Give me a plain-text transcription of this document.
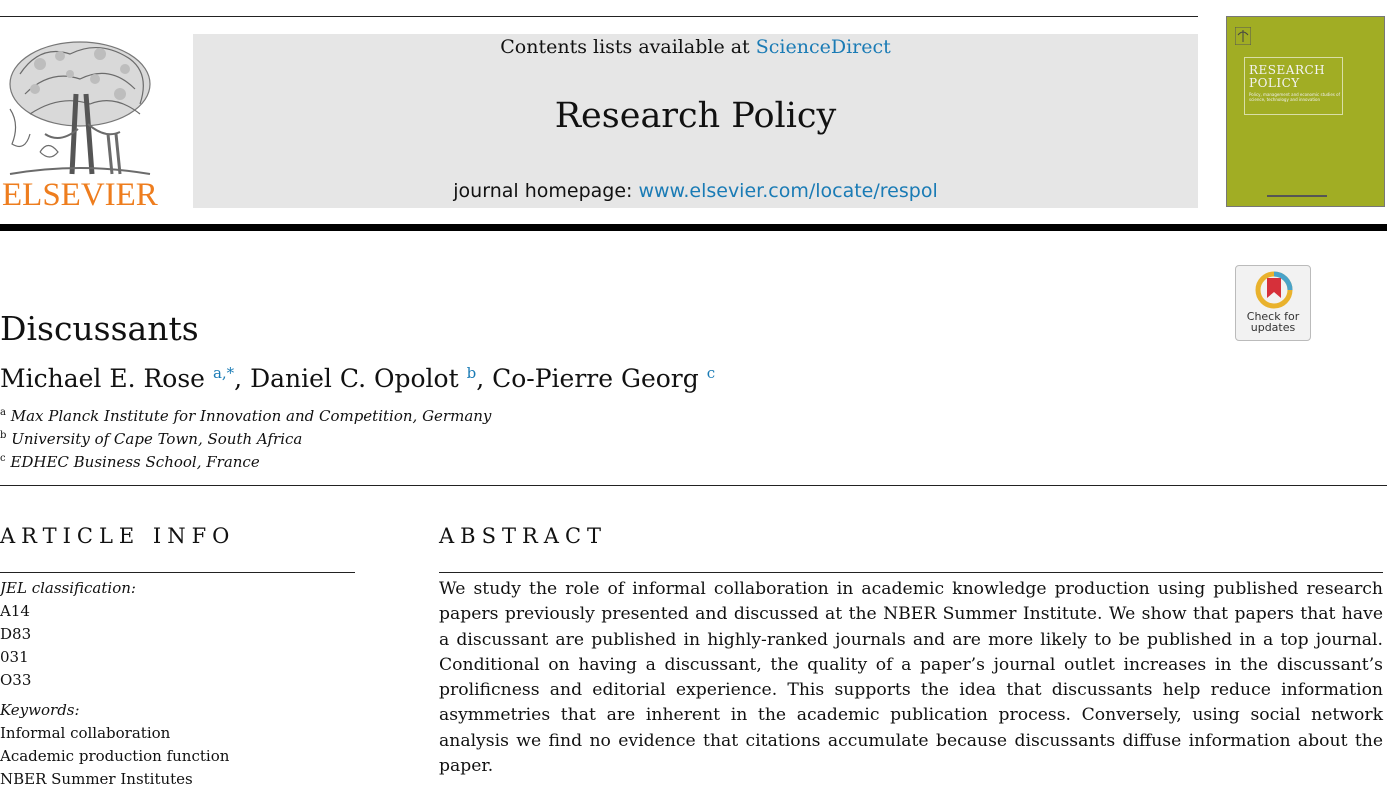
ELSEVIER
Contents lists available at ScienceDirect
Research Policy
journal homepage: www.elsevier.com/locate/respol
RESEARCH
POLICY
Policy, management and economic studies of science, technology and innovation
Discussants	Check for
updates
Michael E. Rose $^{a,*}$, Daniel C. Opolot $^b$, Co-Pierre Georg $^c$
$^a$ Max Planck Institute for Innovation and Competition, Germany
$^b$ University of Cape Town, South Africa
$^c$ EDHEC Business School, France
ARTICLE INFO
JEL classification:
A14
D83
031
O33
Keywords:
Informal collaboration
Academic production function
NBER Summer Institutes
ABSTRACT
We study the role of informal collaboration in academic knowledge production using published research papers previously presented and discussed at the NBER Summer Institute. We show that papers that have a discussant are published in highly-ranked journals and are more likely to be published in a top journal. Conditional on having a discussant, the quality of a paper’s journal outlet increases in the discussant’s prolificness and editorial experience. This supports the idea that discussants help reduce information asymmetries that are inherent in the academic publication process. Conversely, using social network analysis we find no evidence that citations accumulate because discussants diffuse information about the paper.
